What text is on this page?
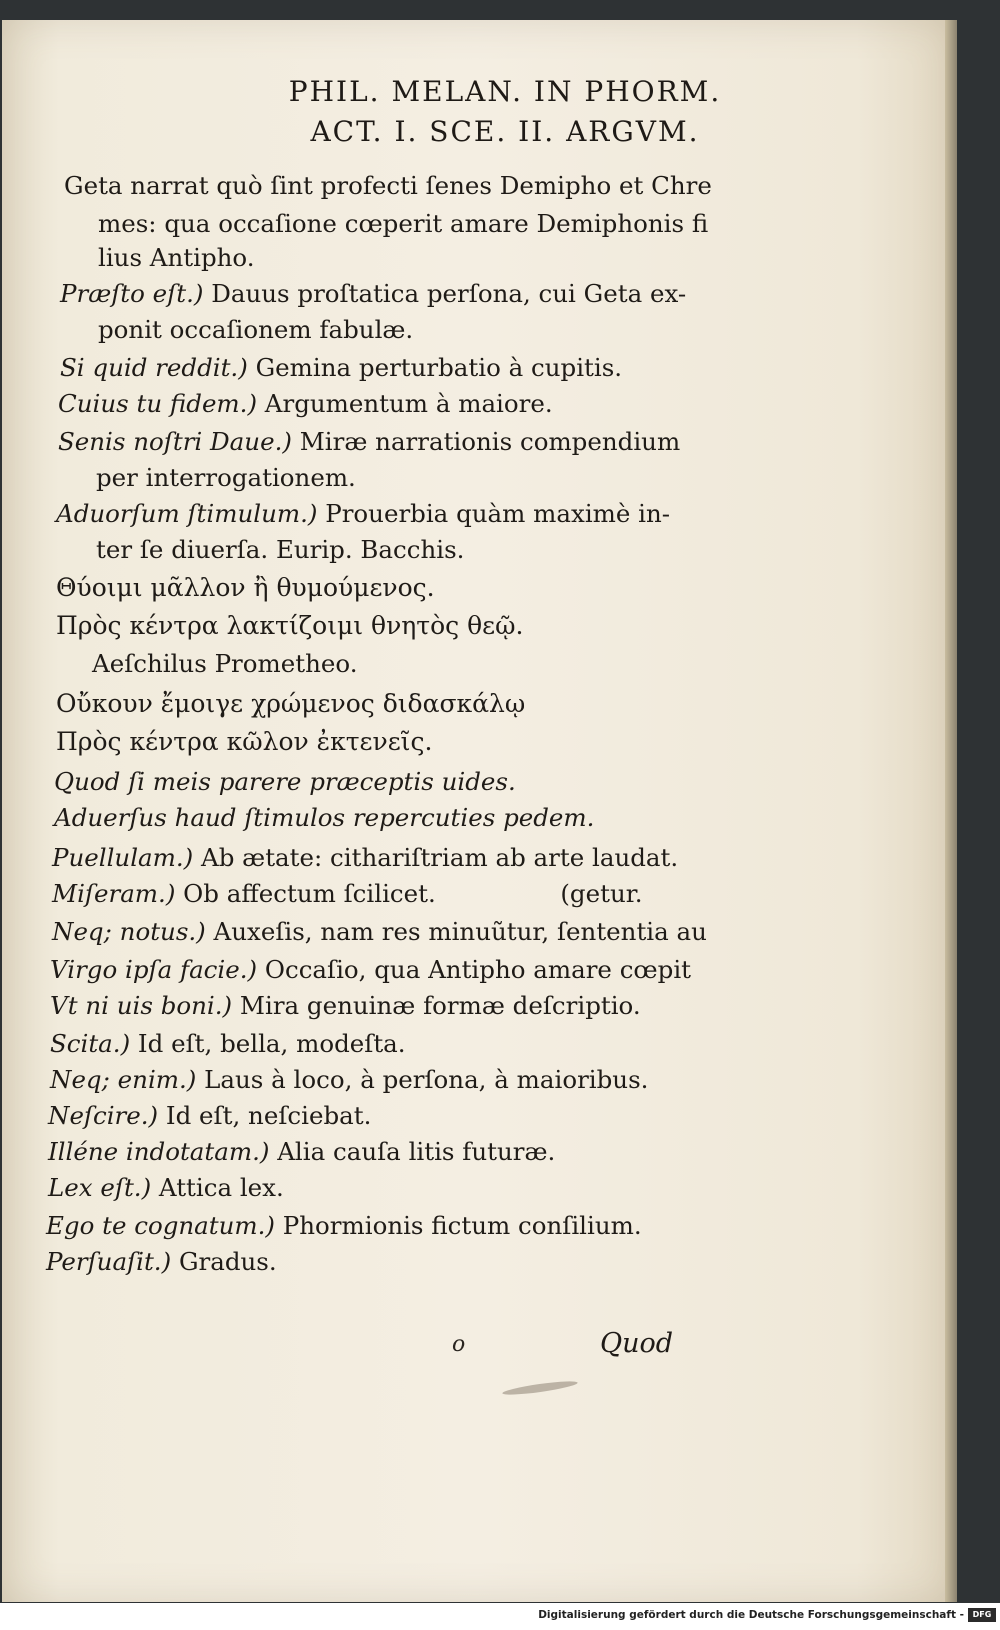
PHIL. MELAN. IN PHORM.
ACT. I. SCE. II. ARGVM.
Geta narrat quò ſint profecti ſenes Demipho et Chre
mes: qua occaſione cœperit amare Demiphonis fi
lius Antipho.
Præſto eſt.) Dauus proſtatica perſona, cui Geta ex-
ponit occaſionem fabulæ.
Si quid reddit.) Gemina perturbatio à cupitis.
Cuius tu fidem.) Argumentum à maiore.
Senis noſtri Daue.) Miræ narrationis compendium
per interrogationem.
Aduorſum ſtimulum.) Prouerbia quàm maximè in-
ter ſe diuerſa. Eurip. Bacchis.
Θύοιμι μᾶλλον ἢ θυμούμενος.
Πρὸς κέντρα λακτίζοιμι θνητὸς θεῷ.
Aeſchilus Prometheo.
Οὔκουν ἔμοιγε χρώμενος διδασκάλῳ
Πρὸς κέντρα κῶλον ἐκτενεῖς.
Quod ſi meis parere præceptis uides.
Aduerſus haud ſtimulos repercuties pedem.
Puellulam.) Ab ætate: cithariſtriam ab arte laudat.
Miſeram.) Ob affectum ſcilicet.                (getur.
Neq; notus.) Auxeſis, nam res minuũtur, ſententia au
Virgo ipſa facie.) Occaſio, qua Antipho amare cœpit
Vt ni uis boni.) Mira genuinæ formæ deſcriptio.
Scita.) Id eſt, bella, modeſta.
Neq; enim.) Laus à loco, à perſona, à maioribus.
Neſcire.) Id eſt, neſciebat.
Illéne indotatam.) Alia cauſa litis futuræ.
Lex eſt.) Attica lex.
Ego te cognatum.) Phormionis fictum conſilium.
Perſuaſit.) Gradus.
o	Quod
Digitalisierung gefördert durch die Deutsche Forschungsgemeinschaft -	DFG
